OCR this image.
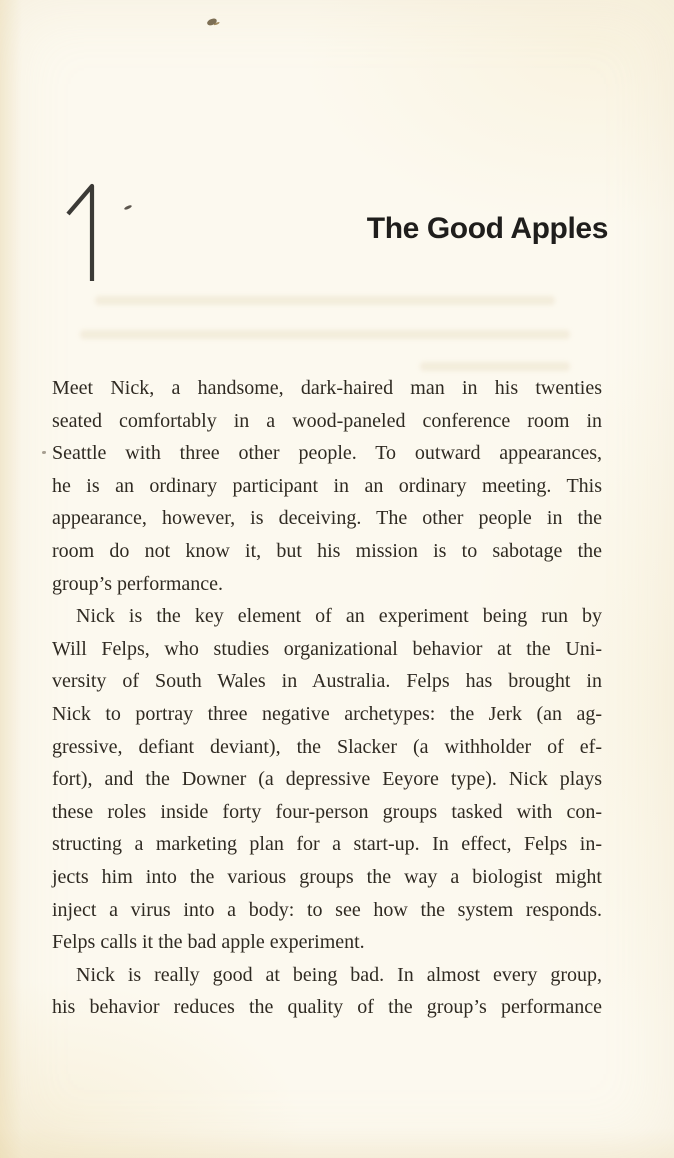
The Good Apples
Meet Nick, a handsome, dark-haired man in his twenties
seated comfortably in a wood-paneled conference room in
Seattle with three other people. To outward appearances,
he is an ordinary participant in an ordinary meeting. This
appearance, however, is deceiving. The other people in the
room do not know it, but his mission is to sabotage the
group’s performance.
Nick is the key element of an experiment being run by
Will Felps, who studies organizational behavior at the Uni-
versity of South Wales in Australia. Felps has brought in
Nick to portray three negative archetypes: the Jerk (an ag-
gressive, defiant deviant), the Slacker (a withholder of ef-
fort), and the Downer (a depressive Eeyore type). Nick plays
these roles inside forty four-person groups tasked with con-
structing a marketing plan for a start-up. In effect, Felps in-
jects him into the various groups the way a biologist might
inject a virus into a body: to see how the system responds.
Felps calls it the bad apple experiment.
Nick is really good at being bad. In almost every group,
his behavior reduces the quality of the group’s performance
